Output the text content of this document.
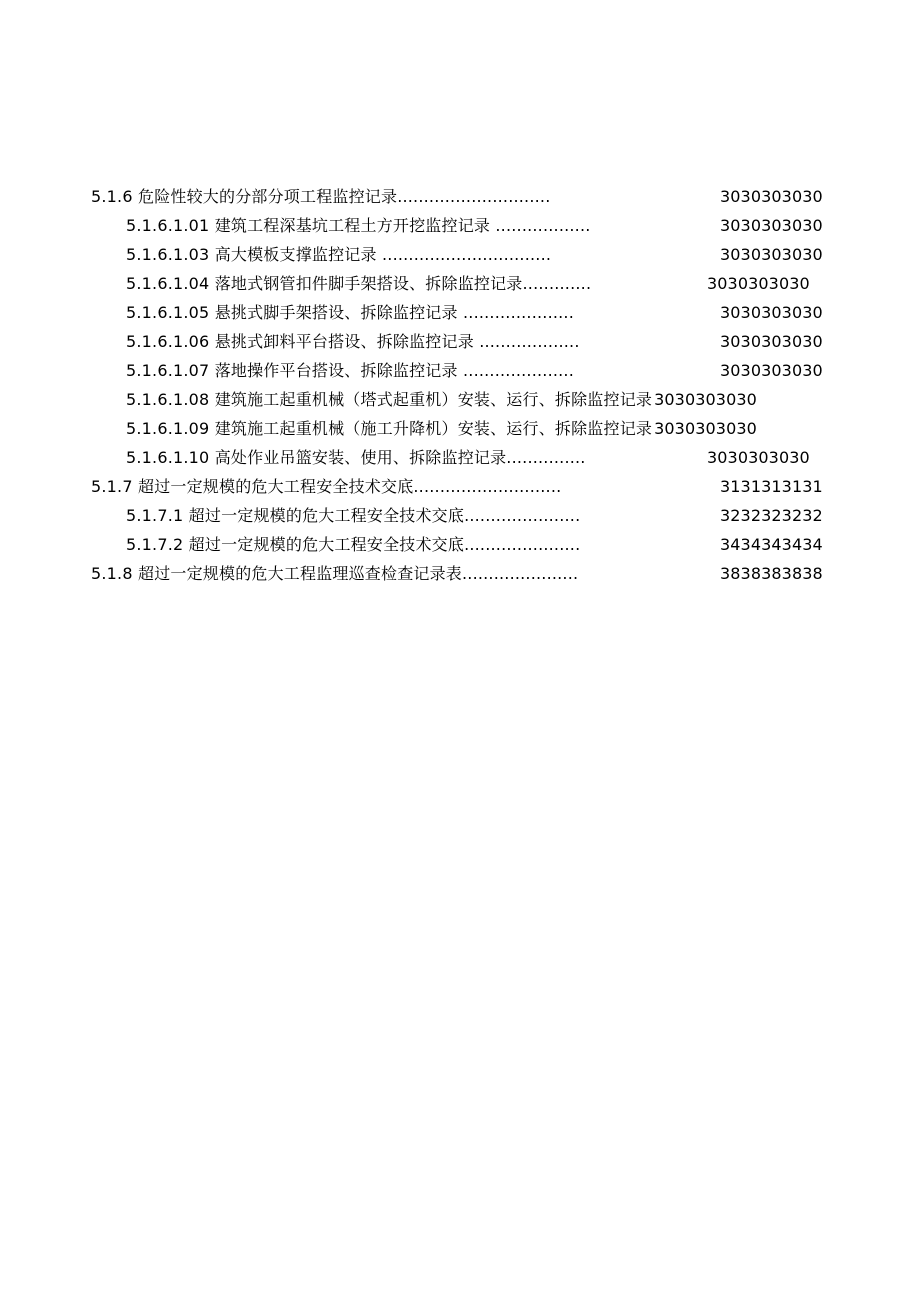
5.1.6 危险性较大的分部分项工程监控记录.............................	3030303030
5.1.6.1.01 建筑工程深基坑工程土方开挖监控记录 ..................	3030303030
5.1.6.1.03 高大模板支撑监控记录 ................................	3030303030
5.1.6.1.04 落地式钢管扣件脚手架搭设、拆除监控记录.............	3030303030
5.1.6.1.05 悬挑式脚手架搭设、拆除监控记录 .....................	3030303030
5.1.6.1.06 悬挑式卸料平台搭设、拆除监控记录 ...................	3030303030
5.1.6.1.07 落地操作平台搭设、拆除监控记录 .....................	3030303030
5.1.6.1.08 建筑施工起重机械（塔式起重机）安装、运行、拆除监控记录 3030303030
5.1.6.1.09 建筑施工起重机械（施工升降机）安装、运行、拆除监控记录 3030303030
5.1.6.1.10 高处作业吊篮安装、使用、拆除监控记录...............	3030303030
5.1.7 超过一定规模的危大工程安全技术交底............................	3131313131
5.1.7.1 超过一定规模的危大工程安全技术交底......................	3232323232
5.1.7.2 超过一定规模的危大工程安全技术交底......................	3434343434
5.1.8 超过一定规模的危大工程监理巡查检查记录表......................	3838383838
